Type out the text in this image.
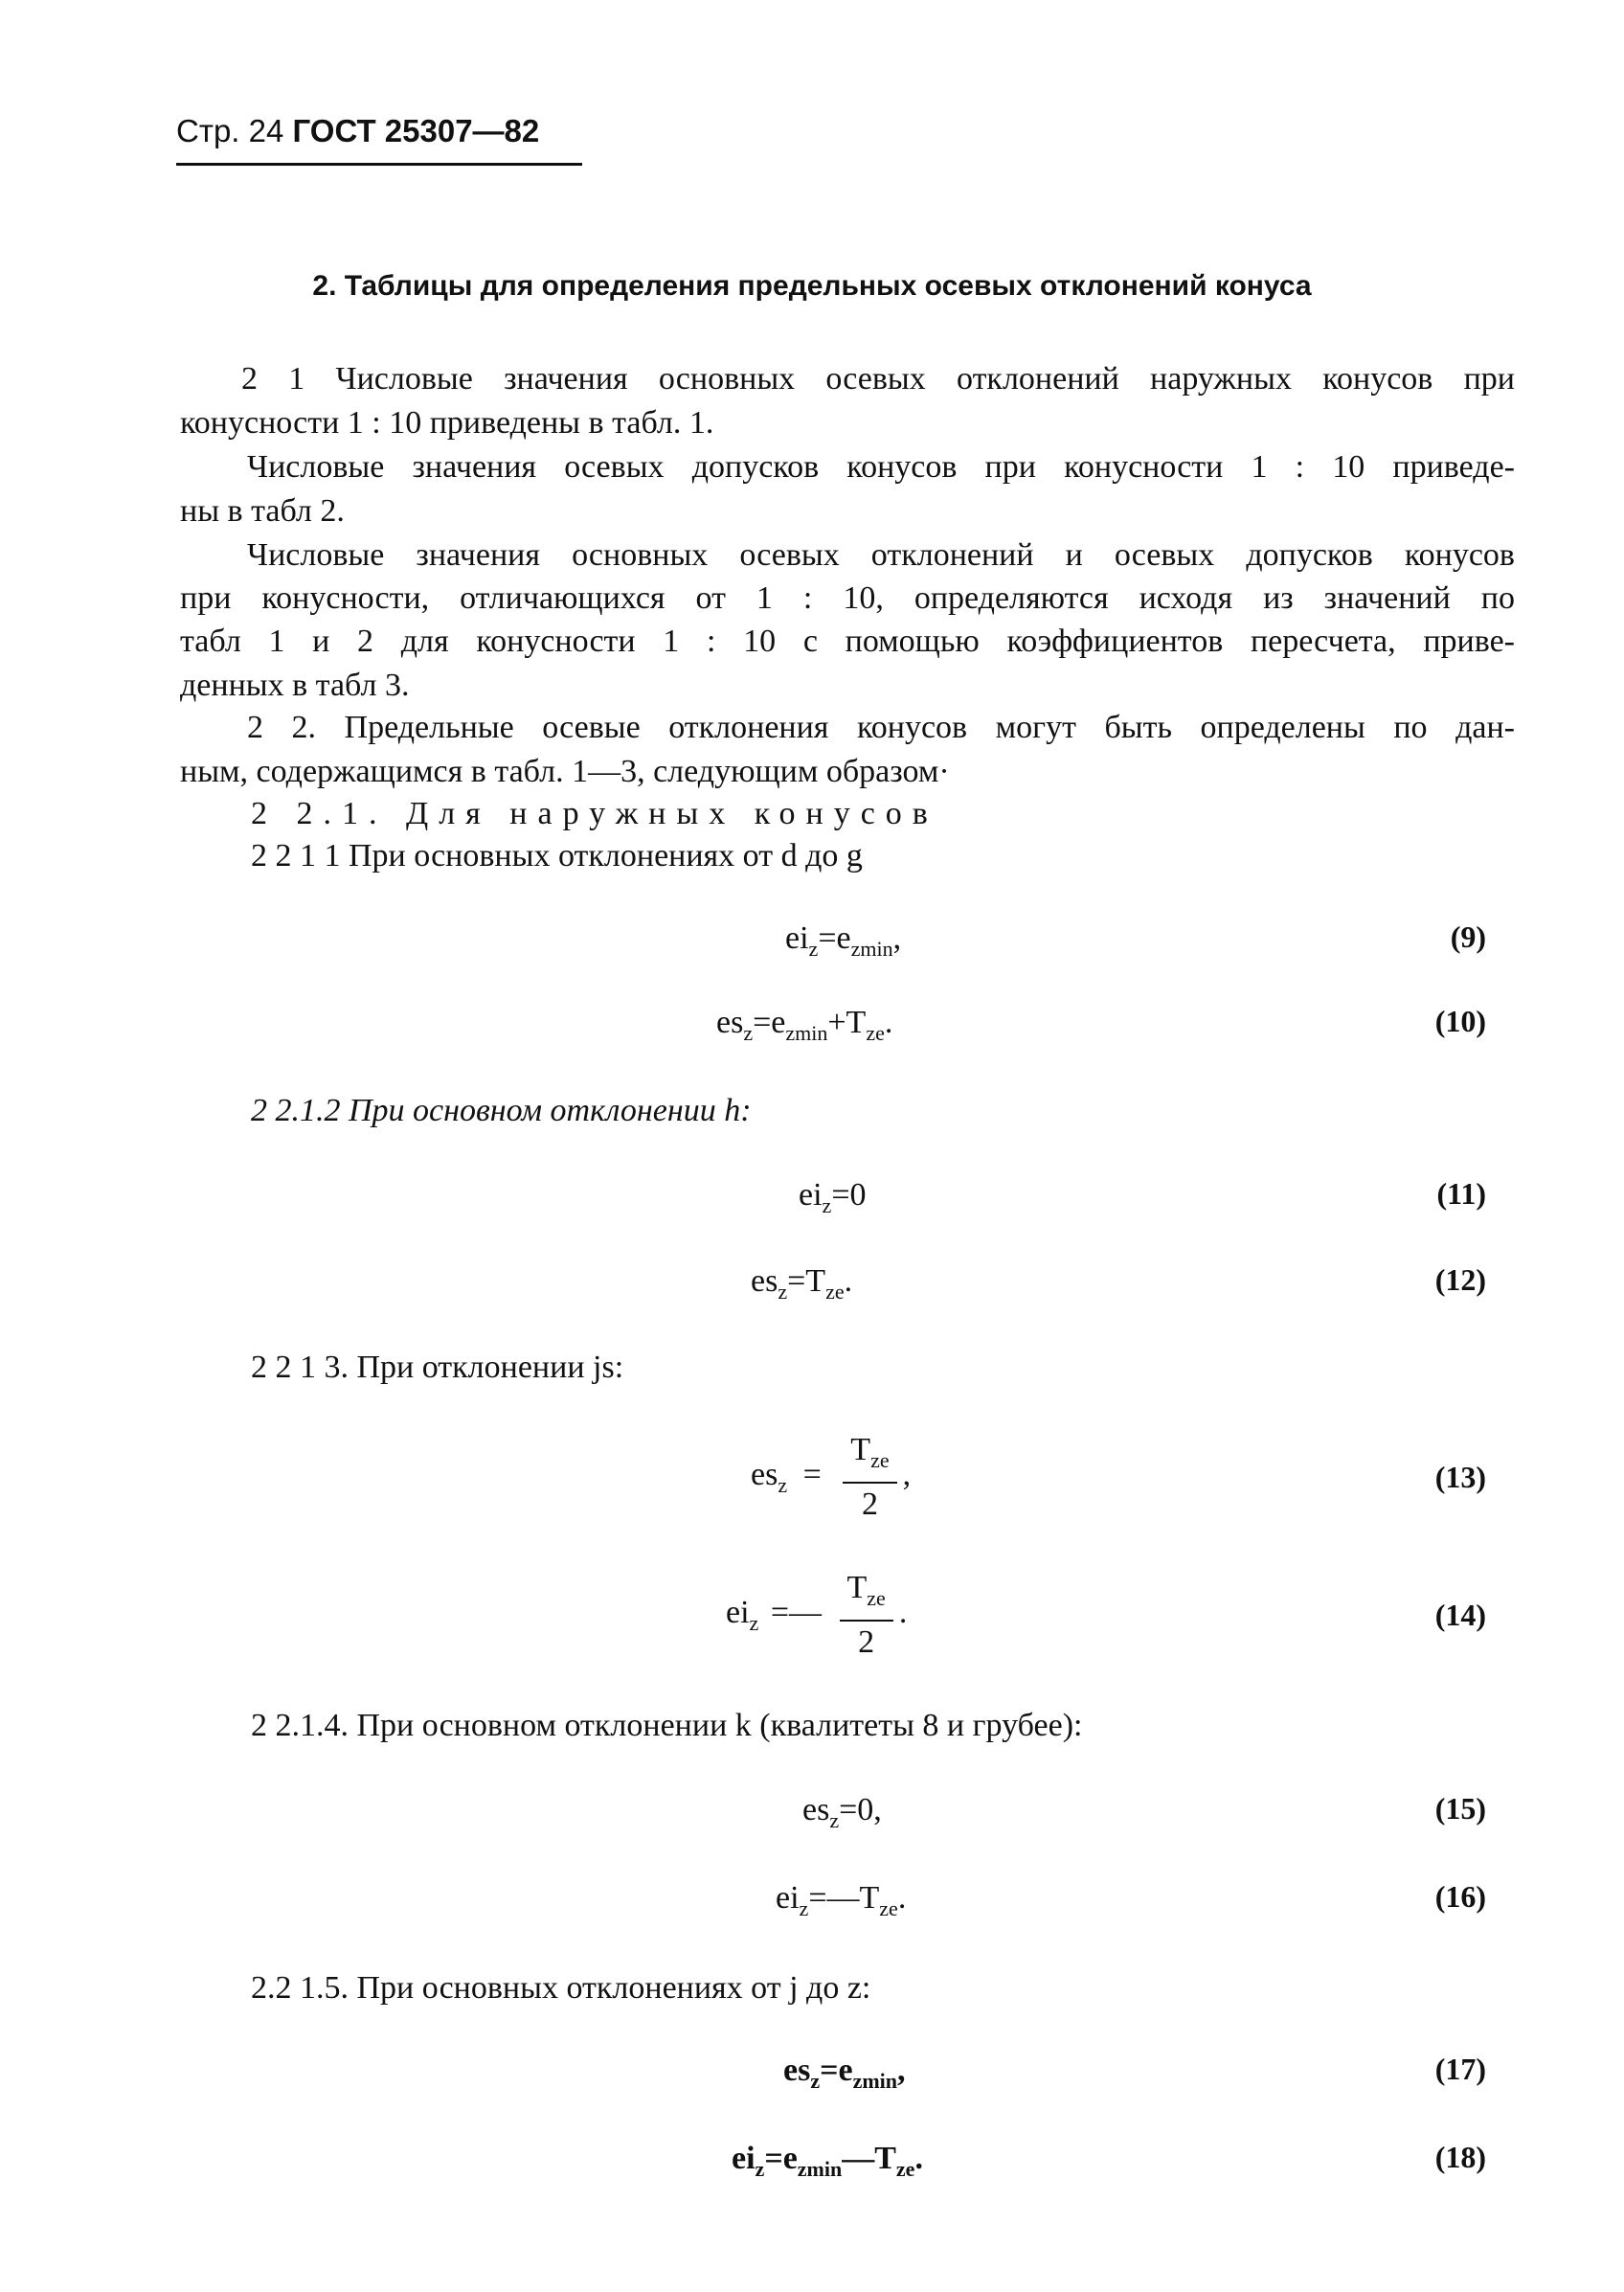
Стр. 24 ГОСТ 25307—82
2. Таблицы для определения предельных осевых отклонений конуса
2 1 Числовые значения основных осевых отклонений наружных конусов при
конусности 1 : 10 приведены в табл. 1.
Числовые значения осевых допусков конусов при конусности 1 : 10 приведе-
ны в табл 2.
Числовые значения основных осевых отклонений и осевых допусков конусов
при конусности, отличающихся от 1 : 10, определяются исходя из значений по
табл 1 и 2 для конусности 1 : 10 с помощью коэффициентов пересчета, приве-
денных в табл 3.
2 2. Предельные осевые отклонения конусов могут быть определены по дан-
ным, содержащимся в табл. 1—3, следующим образом·
2 2.1. Для наружных конусов
2 2 1 1 При основных отклонениях от d до g
$ei_z=e_{zmin}$,	(9)
$es_z=e_{zmin}+T_{ze}$.	(10)
2 2.1.2 При основном отклонении h:
$ei_z=0$	(11)
$es_z=T_{ze}$.	(12)
2 2 1 3. При отклонении js:
$es_z = \frac{T_{ze}}{2}$ ,	(13)
$ei_z$ =— $\frac{T_{ze}}{2}$ .	(14)
2 2.1.4. При основном отклонении k (квалитеты 8 и грубее):
$es_z=0$,	(15)
$ei_z=—T_{ze}$.	(16)
2.2 1.5. При основных отклонениях от j до z:
$es_z=e_{zmin}$,	(17)
$ei_z=e_{zmin}—T_{ze}$.	(18)
